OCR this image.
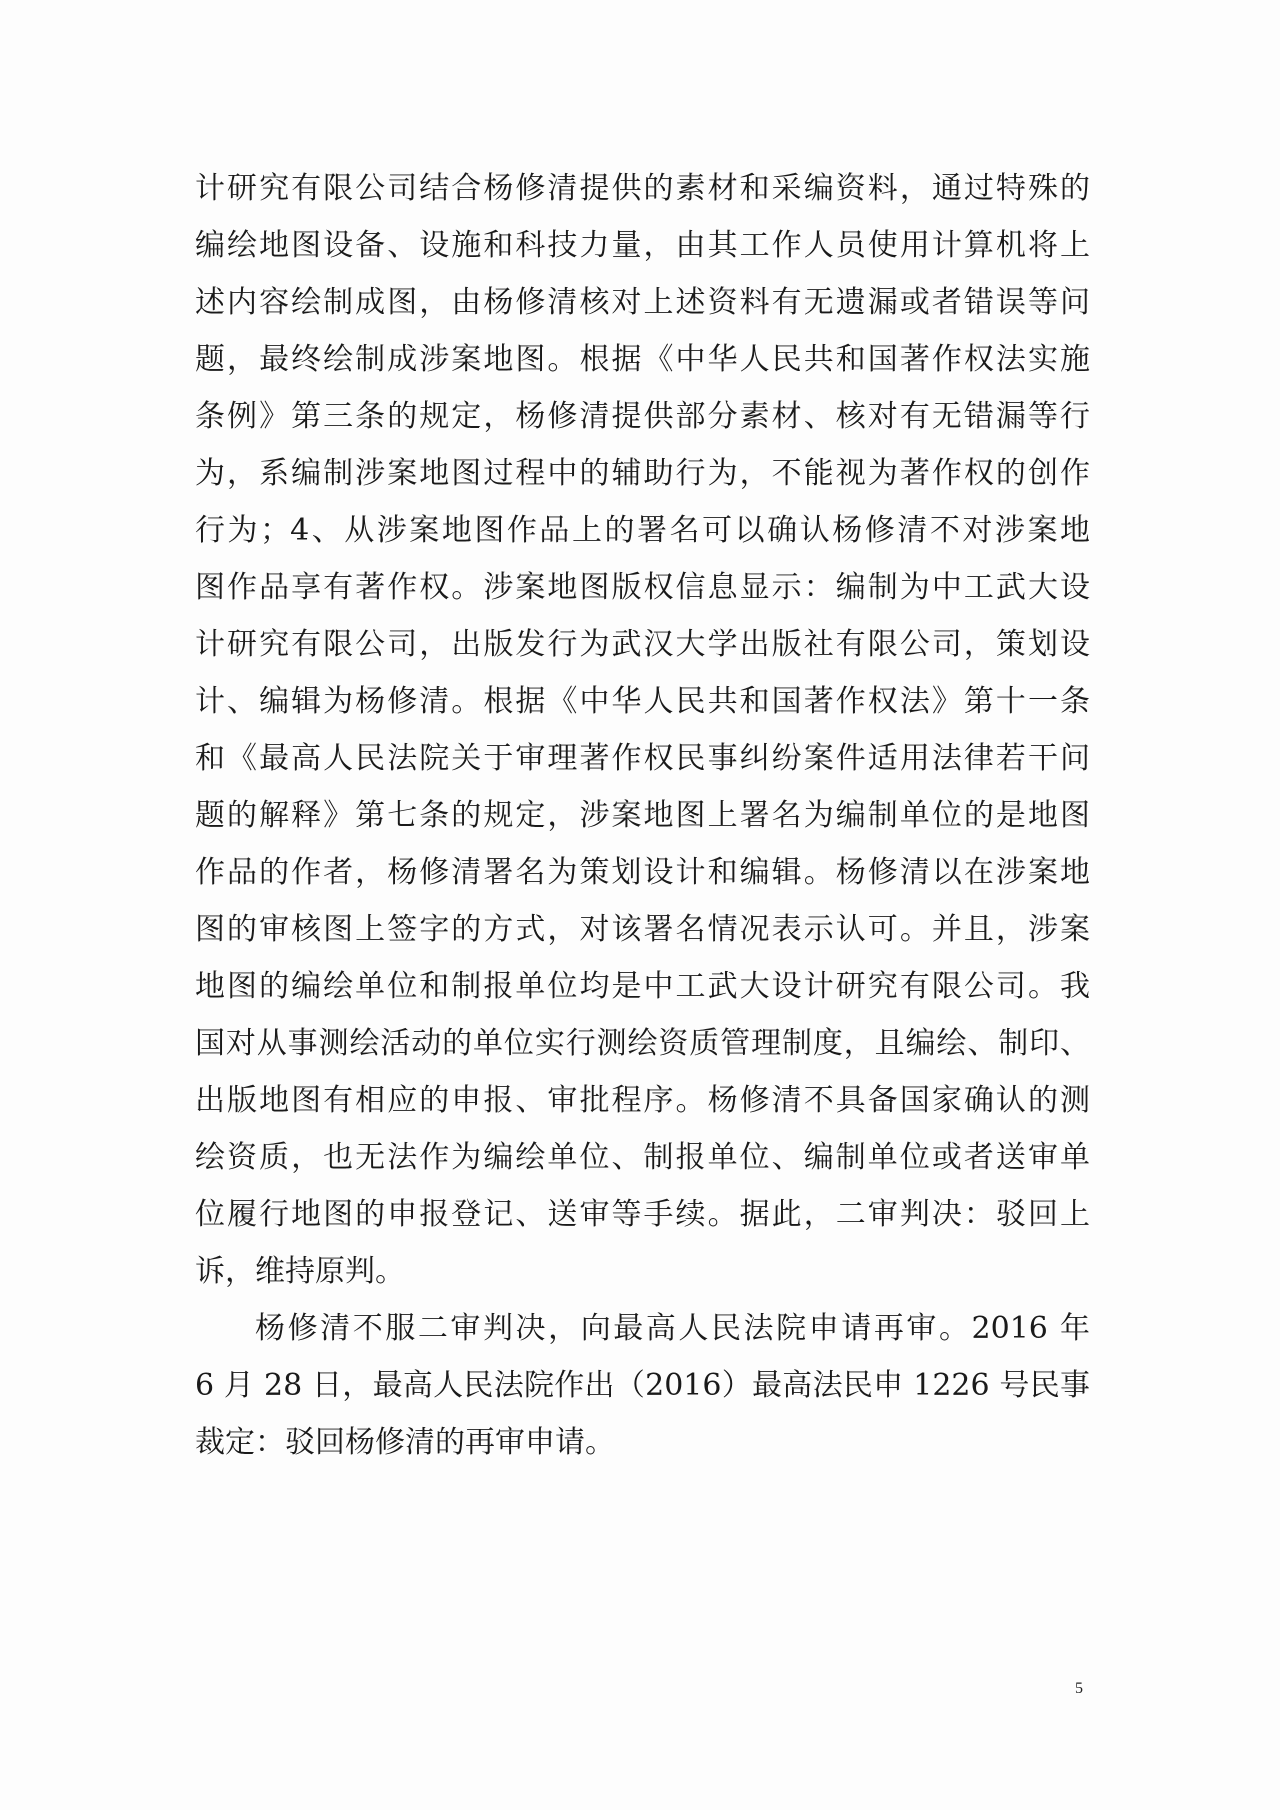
计研究有限公司结合杨修清提供的素材和采编资料，通过特殊的
编绘地图设备、设施和科技力量，由其工作人员使用计算机将上
述内容绘制成图，由杨修清核对上述资料有无遗漏或者错误等问
题，最终绘制成涉案地图。根据《中华人民共和国著作权法实施
条例》第三条的规定，杨修清提供部分素材、核对有无错漏等行
为，系编制涉案地图过程中的辅助行为，不能视为著作权的创作
行为；4、从涉案地图作品上的署名可以确认杨修清不对涉案地
图作品享有著作权。涉案地图版权信息显示：编制为中工武大设
计研究有限公司，出版发行为武汉大学出版社有限公司，策划设
计、编辑为杨修清。根据《中华人民共和国著作权法》第十一条
和《最高人民法院关于审理著作权民事纠纷案件适用法律若干问
题的解释》第七条的规定，涉案地图上署名为编制单位的是地图
作品的作者，杨修清署名为策划设计和编辑。杨修清以在涉案地
图的审核图上签字的方式，对该署名情况表示认可。并且，涉案
地图的编绘单位和制报单位均是中工武大设计研究有限公司。我
国对从事测绘活动的单位实行测绘资质管理制度，且编绘、制印、
出版地图有相应的申报、审批程序。杨修清不具备国家确认的测
绘资质，也无法作为编绘单位、制报单位、编制单位或者送审单
位履行地图的申报登记、送审等手续。据此，二审判决：驳回上
诉，维持原判。
杨修清不服二审判决，向最高人民法院申请再审。2016 年
6 月 28 日，最高人民法院作出（2016）最高法民申 1226 号民事
裁定：驳回杨修清的再审申请。
5
